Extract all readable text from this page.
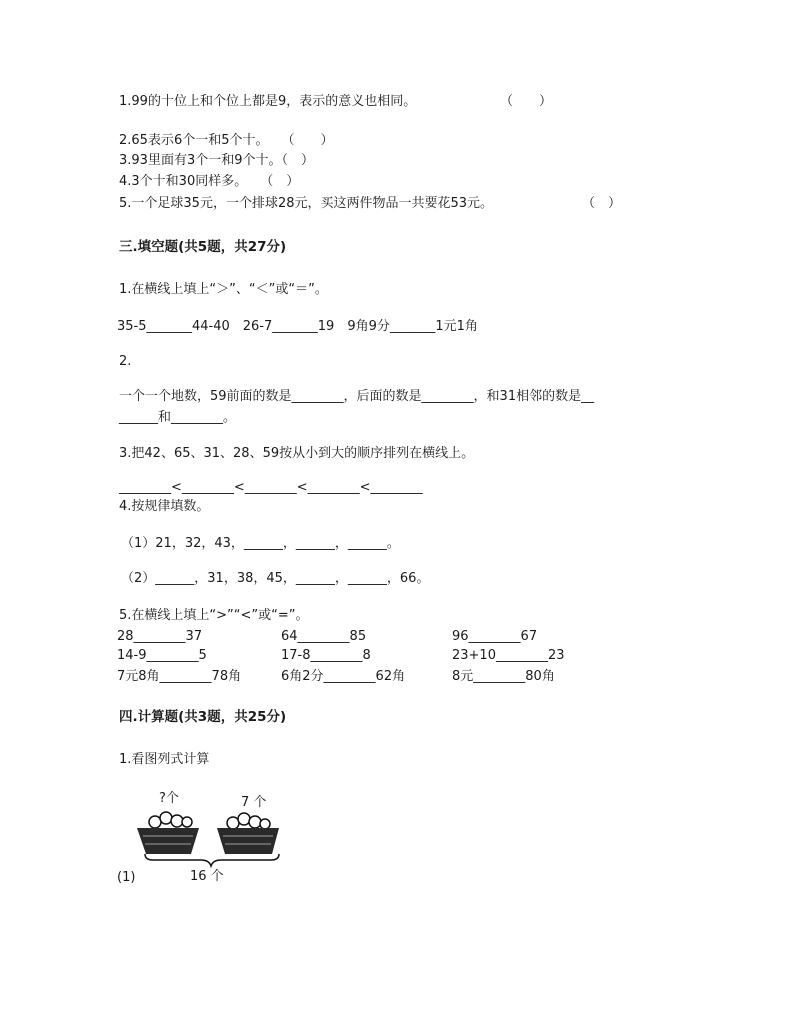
1.99的十位上和个位上都是9，表示的意义也相同。	（　　）
2.65表示6个一和5个十。　　（　　）
3.93里面有3个一和9个十。（　）
4.3个十和30同样多。　　（　）
5.一个足球35元，一个排球28元，买这两件物品一共要花53元。	（　）
三.填空题(共5题，共27分)
1.在横线上填上“＞”、“＜”或“＝”。
35-5_______44-40　26-7_______19　9角9分_______1元1角
2.
一个一个地数，59前面的数是________，后面的数是________，和31相邻的数是__
______和________。
3.把42、65、31、28、59按从小到大的顺序排列在横线上。
________<________<________<________<________
4.按规律填数。
（1）21，32，43，______，______，______。
（2）______，31，38，45，______，______，66。
5.在横线上填上“>”“<”或“=”。
28________37	64________85	96________67
14-9________5	17-8________8	23+10________23
7元8角________78角	6角2分________62角	8元________80角
四.计算题(共3题，共25分)
1.看图列式计算
?个	7 个
16 个
(1)
